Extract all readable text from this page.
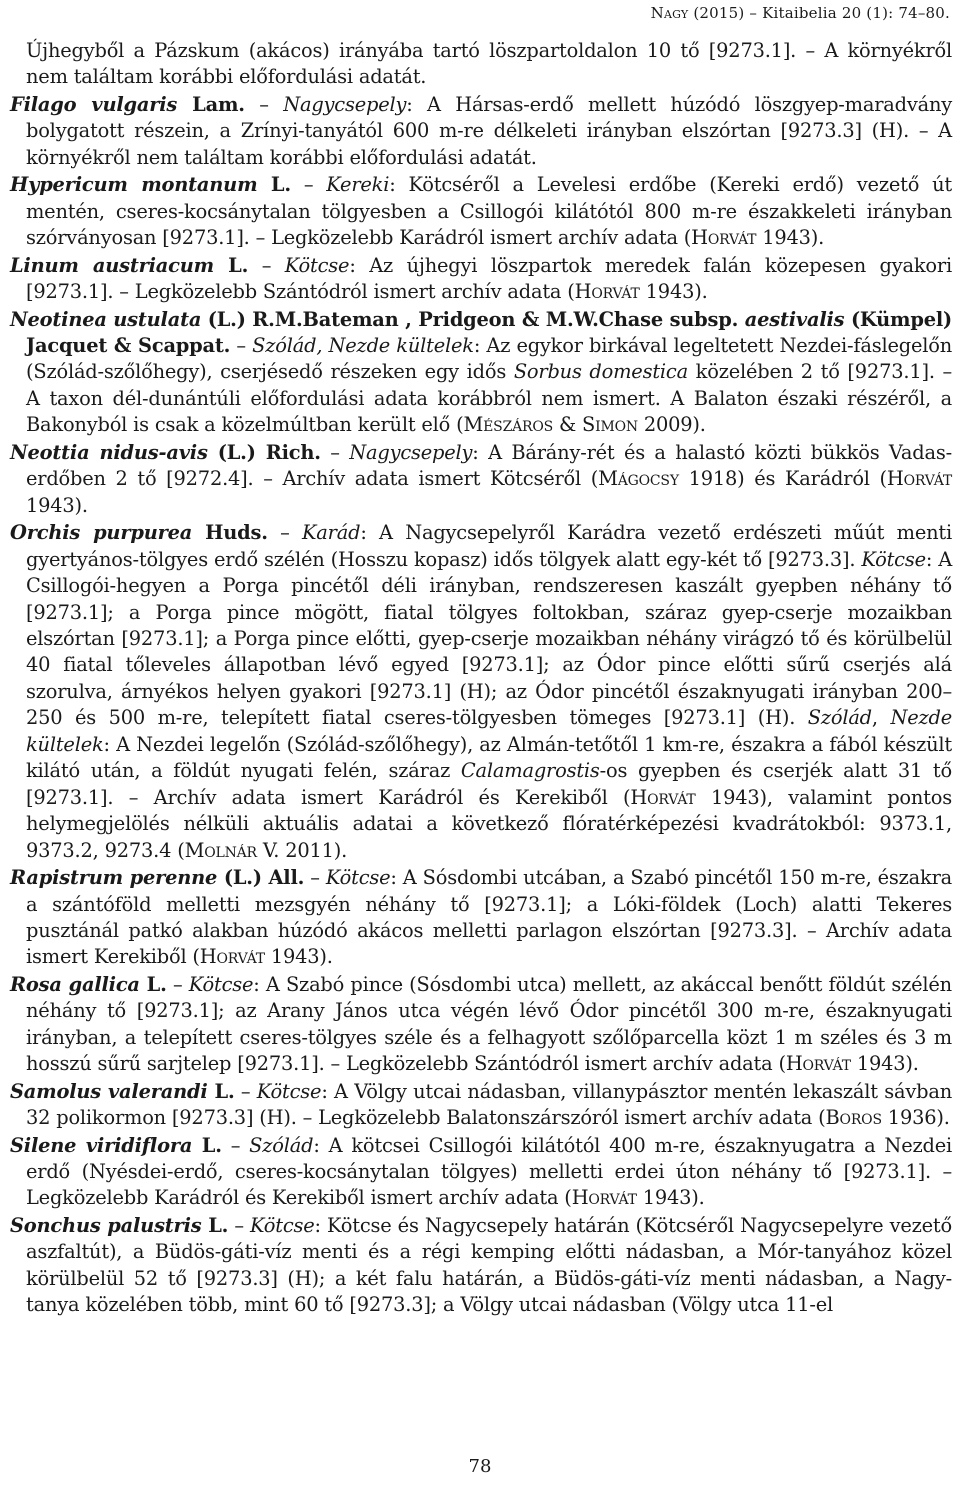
Nagy (2015) – Kitaibelia 20 (1): 74–80.

Újhegyből a Pázskum (akácos) irányába tartó löszpartoldalon 10 tő [9273.1]. – A környékről nem találtam korábbi előfordulási adatát.

Filago vulgaris Lam. – Nagycsepely: A Hársas-erdő mellett húzódó löszgyep-maradvány bolygatott részein, a Zrínyi-tanyától 600 m-re délkeleti irányban elszórtan [9273.3] (H). – A környékről nem találtam korábbi előfordulási adatát.

Hypericum montanum L. – Kereki: Kötcséről a Levelesi erdőbe (Kereki erdő) vezető út mentén, cseres-kocsánytalan tölgyesben a Csillogói kilátótól 800 m-re északkeleti irányban szórványosan [9273.1]. – Legközelebb Karádról ismert archív adata (Horvát 1943).

Linum austriacum L. – Kötcse: Az újhegyi löszpartok meredek falán közepesen gyakori [9273.1]. – Legközelebb Szántódról ismert archív adata (Horvát 1943).

Neotinea ustulata (L.) R.M.Bateman , Pridgeon & M.W.Chase subsp. aestivalis (Kümpel) Jacquet & Scappat. – Szólád, Nezde kültelek: Az egykor birkával legeltetett Nezdei-fáslegelőn (Szólád-szőlőhegy), cserjésedő részeken egy idős Sorbus domestica közelében 2 tő [9273.1]. – A taxon dél-dunántúli előfordulási adata korábbról nem ismert. A Balaton északi részéről, a Bakonyból is csak a közelmúltban került elő (Mészáros & Simon 2009).

Neottia nidus-avis (L.) Rich. – Nagycsepely: A Bárány-rét és a halastó közti bükkös Vadas-erdőben 2 tő [9272.4]. – Archív adata ismert Kötcséről (Mágocsy 1918) és Karádról (Horvát 1943).

Orchis purpurea Huds. – Karád: A Nagycsepelyről Karádra vezető erdészeti műút menti gyertyános-tölgyes erdő szélén (Hosszu kopasz) idős tölgyek alatt egy-két tő [9273.3]. Kötcse: A Csillogói-hegyen a Porga pincétől déli irányban, rendszeresen kaszált gyepben néhány tő [9273.1]; a Porga pince mögött, fiatal tölgyes foltokban, száraz gyep-cserje mozaikban elszórtan [9273.1]; a Porga pince előtti, gyep-cserje mozaikban néhány virágzó tő és körülbelül 40 fiatal tőleveles állapotban lévő egyed [9273.1]; az Ódor pince előtti sűrű cserjés alá szorulva, árnyékos helyen gyakori [9273.1] (H); az Ódor pincétől északnyugati irányban 200–250 és 500 m-re, telepített fiatal cseres-tölgyesben tömeges [9273.1] (H). Szólád, Nezde kültelek: A Nezdei legelőn (Szólád-szőlőhegy), az Almán-tetőtől 1 km-re, északra a fából készült kilátó után, a földút nyugati felén, száraz Calamagrostis-os gyepben és cserjék alatt 31 tő [9273.1]. – Archív adata ismert Karádról és Kerekiből (Horvát 1943), valamint pontos helymegjelölés nélküli aktuális adatai a következő flóratérképezési kvadrátokból: 9373.1, 9373.2, 9273.4 (Molnár V. 2011).

Rapistrum perenne (L.) All. – Kötcse: A Sósdombi utcában, a Szabó pincétől 150 m-re, északra a szántóföld melletti mezsgyén néhány tő [9273.1]; a Lóki-földek (Loch) alatti Tekeres pusztánál patkó alakban húzódó akácos melletti parlagon elszórtan [9273.3]. – Archív adata ismert Kerekiből (Horvát 1943).

Rosa gallica L. – Kötcse: A Szabó pince (Sósdombi utca) mellett, az akáccal benőtt földút szélén néhány tő [9273.1]; az Arany János utca végén lévő Ódor pincétől 300 m-re, északnyugati irányban, a telepített cseres-tölgyes széle és a felhagyott szőlőparcella közt 1 m széles és 3 m hosszú sűrű sarjtelep [9273.1]. – Legközelebb Szántódról ismert archív adata (Horvát 1943).

Samolus valerandi L. – Kötcse: A Völgy utcai nádasban, villanypásztor mentén lekaszált sávban 32 polikormon [9273.3] (H). – Legközelebb Balatonszárszóról ismert archív adata (Boros 1936).

Silene viridiflora L. – Szólád: A kötcsei Csillogói kilátótól 400 m-re, északnyugatra a Nezdei erdő (Nyésdei-erdő, cseres-kocsánytalan tölgyes) melletti erdei úton néhány tő [9273.1]. – Legközelebb Karádról és Kerekiből ismert archív adata (Horvát 1943).

Sonchus palustris L. – Kötcse: Kötcse és Nagycsepely határán (Kötcséről Nagycsepelyre vezető aszfaltút), a Büdös-gáti-víz menti és a régi kemping előtti nádasban, a Mór-tanyához közel körülbelül 52 tő [9273.3] (H); a két falu határán, a Büdös-gáti-víz menti nádasban, a Nagy-tanya közelében több, mint 60 tő [9273.3]; a Völgy utcai nádasban (Völgy utca 11-el

78
